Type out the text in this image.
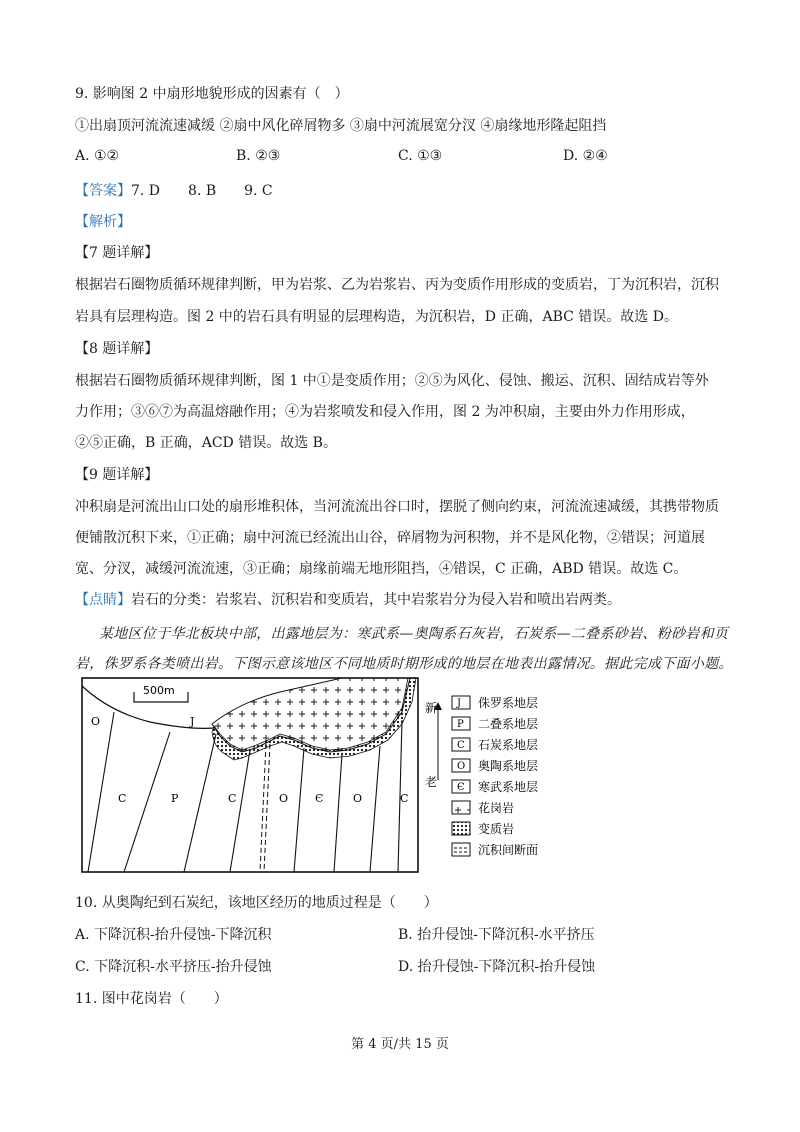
9. 影响图 2 中扇形地貌形成的因素有（　）
①出扇顶河流流速减缓 ②扇中风化碎屑物多 ③扇中河流展宽分汊 ④扇缘地形隆起阻挡
A. ①②	B. ②③	C. ①③	D. ②④
【答案】7. D　　8. B　　9. C
【解析】
【7 题详解】
根据岩石圈物质循环规律判断，甲为岩浆、乙为岩浆岩、丙为变质作用形成的变质岩，丁为沉积岩，沉积
岩具有层理构造。图 2 中的岩石具有明显的层理构造，为沉积岩，D 正确，ABC 错误。故选 D。
【8 题详解】
根据岩石圈物质循环规律判断，图 1 中①是变质作用；②⑤为风化、侵蚀、搬运、沉积、固结成岩等外
力作用；③⑥⑦为高温熔融作用；④为岩浆喷发和侵入作用，图 2 为冲积扇，主要由外力作用形成，
②⑤正确，B 正确，ACD 错误。故选 B。
【9 题详解】
冲积扇是河流出山口处的扇形堆积体，当河流流出谷口时，摆脱了侧向约束，河流流速减缓，其携带物质
便铺散沉积下来，①正确；扇中河流已经流出山谷，碎屑物为河积物，并不是风化物，②错误；河道展
宽、分汊，减缓河流流速，③正确；扇缘前端无地形阻挡，④错误，C 正确，ABD 错误。故选 C。
【点睛】岩石的分类：岩浆岩、沉积岩和变质岩，其中岩浆岩分为侵入岩和喷出岩两类。
某地区位于华北板块中部，出露地层为：寒武系—奥陶系石灰岩，石炭系—二叠系砂岩、粉砂岩和页
岩，侏罗系各类喷出岩。下图示意该地区不同地质时期形成的地层在地表出露情况。据此完成下面小题。
500m
O	J
C	P	C	O Є	O	C
新
老
J 侏罗系地层
P 二叠系地层
C 石炭系地层
O 奥陶系地层
Є 寒武系地层
花岗岩
变质岩
沉积间断面
10. 从奥陶纪到石炭纪，该地区经历的地质过程是（　　）
A. 下降沉积-抬升侵蚀-下降沉积	B. 抬升侵蚀-下降沉积-水平挤压
C. 下降沉积-水平挤压-抬升侵蚀	D. 抬升侵蚀-下降沉积-抬升侵蚀
11. 图中花岗岩（　　）
第 4 页/共 15 页
